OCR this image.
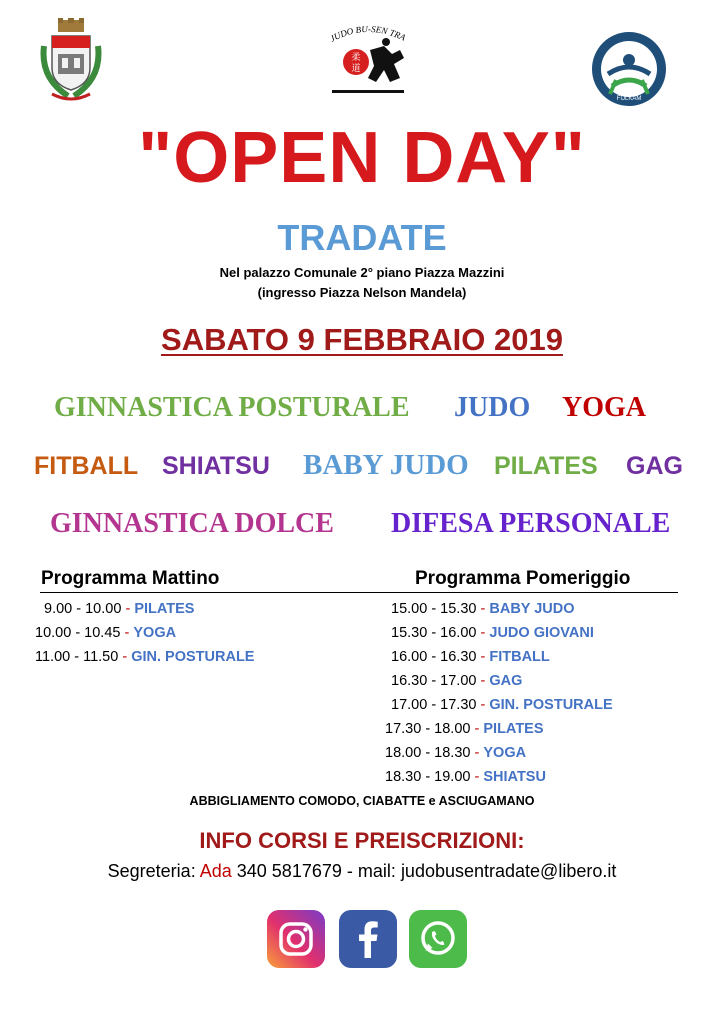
JUDO BU-SEN TRA
柔
道
FIJLKAM
"OPEN DAY"
TRADATE
Nel palazzo Comunale 2° piano Piazza Mazzini
(ingresso Piazza Nelson Mandela)
SABATO 9 FEBBRAIO 2019
GINNASTICA POSTURALE JUDO YOGA
FITBALL SHIATSU BABY JUDO PILATES GAG
GINNASTICA DOLCE DIFESA PERSONALE
Programma Mattino	Programma Pomeriggio
9.00 - 10.00 - PILATES
10.00 - 10.45 - YOGA
11.00 - 11.50 - GIN. POSTURALE
15.00 - 15.30 - BABY JUDO
15.30 - 16.00 - JUDO GIOVANI
16.00 - 16.30 - FITBALL
16.30 - 17.00 - GAG
17.00 - 17.30 - GIN. POSTURALE
17.30 - 18.00 - PILATES
18.00 - 18.30 - YOGA
18.30 - 19.00 - SHIATSU
ABBIGLIAMENTO COMODO, CIABATTE e ASCIUGAMANO
INFO CORSI E PREISCRIZIONI:
Segreteria: Ada 340 5817679 - mail: judobusentradate@libero.it
